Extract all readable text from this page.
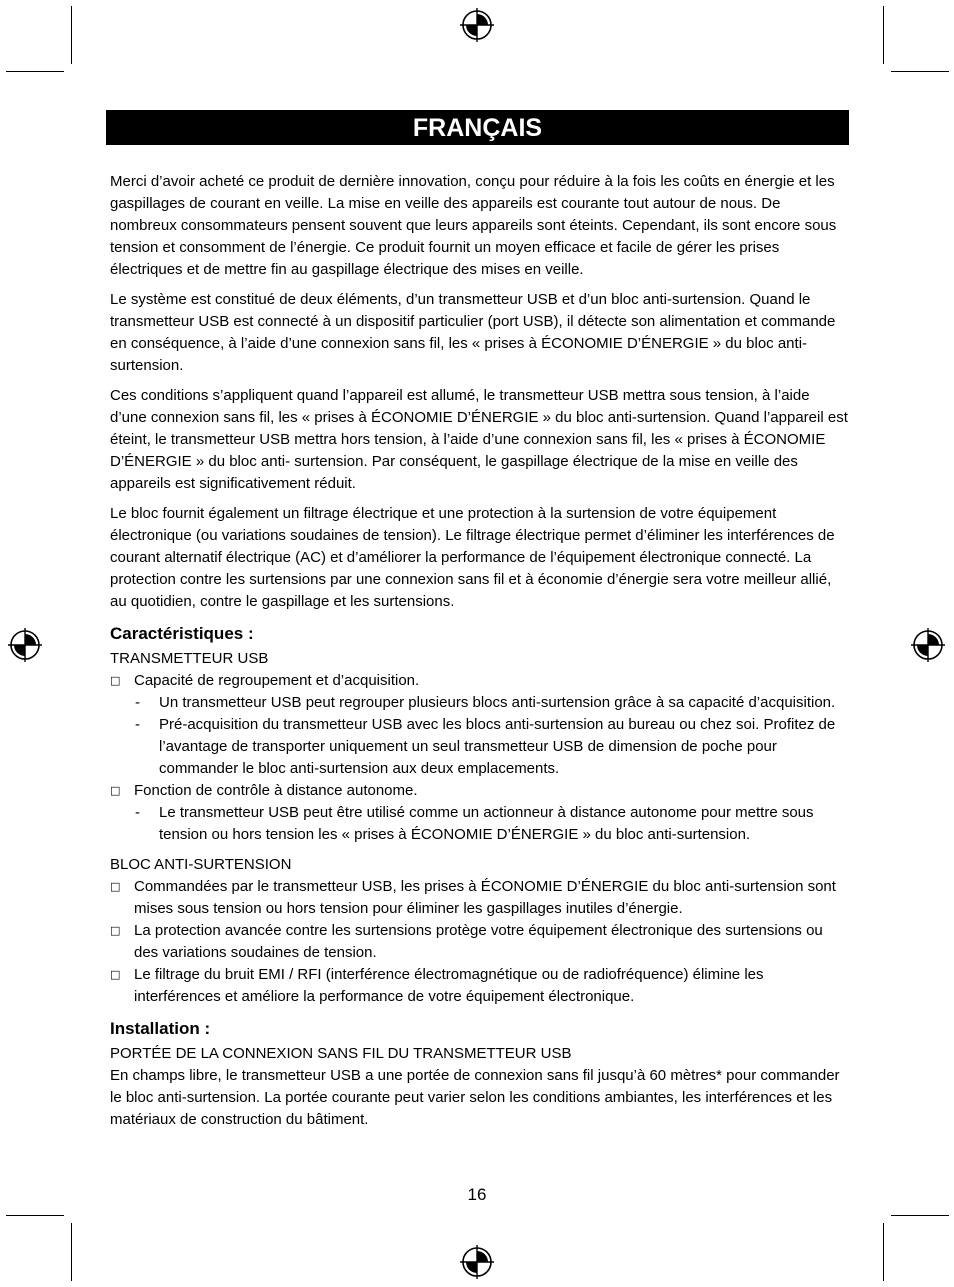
FRANÇAIS

Merci d’avoir acheté ce produit de dernière innovation, conçu pour réduire à la fois les coûts en énergie et les gaspillages de courant en veille. La mise en veille des appareils est courante tout autour de nous. De nombreux consommateurs pensent souvent que leurs appareils sont éteints. Cependant, ils sont encore sous tension et consomment de l’énergie. Ce produit fournit un moyen efficace et facile de gérer les prises électriques et de mettre fin au gaspillage électrique des mises en veille.

Le système est constitué de deux éléments, d’un transmetteur USB et d’un bloc anti-surtension. Quand le transmetteur USB est connecté à un dispositif particulier (port USB), il détecte son alimentation et commande en conséquence, à l’aide d’une connexion sans fil, les « prises à ÉCONOMIE D’ÉNERGIE » du bloc anti-surtension.

Ces conditions s’appliquent quand l’appareil est allumé, le transmetteur USB mettra sous tension, à l’aide d’une connexion sans fil, les « prises à ÉCONOMIE D’ÉNERGIE » du bloc anti-surtension. Quand l’appareil est éteint, le transmetteur USB mettra hors tension, à l’aide d’une connexion sans fil, les « prises à ÉCONOMIE D’ÉNERGIE » du bloc anti- surtension. Par conséquent, le gaspillage électrique de la mise en veille des appareils est significativement réduit.

Le bloc fournit également un filtrage électrique et une protection à la surtension de votre équipement électronique (ou variations soudaines de tension). Le filtrage électrique permet d’éliminer les interférences de courant alternatif électrique (AC) et d’améliorer la performance de l’équipement électronique connecté. La protection contre les surtensions par une connexion sans fil et à économie d’énergie sera votre meilleur allié, au quotidien, contre le gaspillage et les surtensions.

Caractéristiques :
TRANSMETTEUR USB
□ Capacité de regroupement et d’acquisition.
- Un transmetteur USB peut regrouper plusieurs blocs anti-surtension grâce à sa capacité d’acquisition.
- Pré-acquisition du transmetteur USB avec les blocs anti-surtension au bureau ou chez soi. Profitez de l’avantage de transporter uniquement un seul transmetteur USB de dimension de poche pour commander le bloc anti-surtension aux deux emplacements.
□ Fonction de contrôle à distance autonome.
- Le transmetteur USB peut être utilisé comme un actionneur à distance autonome pour mettre sous tension ou hors tension les « prises à ÉCONOMIE D’ÉNERGIE » du bloc anti-surtension.
BLOC ANTI-SURTENSION
□ Commandées par le transmetteur USB, les prises à ÉCONOMIE D’ÉNERGIE du bloc anti-surtension sont mises sous tension ou hors tension pour éliminer les gaspillages inutiles d’énergie.
□ La protection avancée contre les surtensions protège votre équipement électronique des surtensions ou des variations soudaines de tension.
□ Le filtrage du bruit EMI / RFI (interférence électromagnétique ou de radiofréquence) élimine les interférences et améliore la performance de votre équipement électronique.
Installation :
PORTÉE DE LA CONNEXION SANS FIL DU TRANSMETTEUR USB
En champs libre, le transmetteur USB a une portée de connexion sans fil jusqu’à 60 mètres* pour commander le bloc anti-surtension. La portée courante peut varier selon les conditions ambiantes, les interférences et les matériaux de construction du bâtiment.
16
